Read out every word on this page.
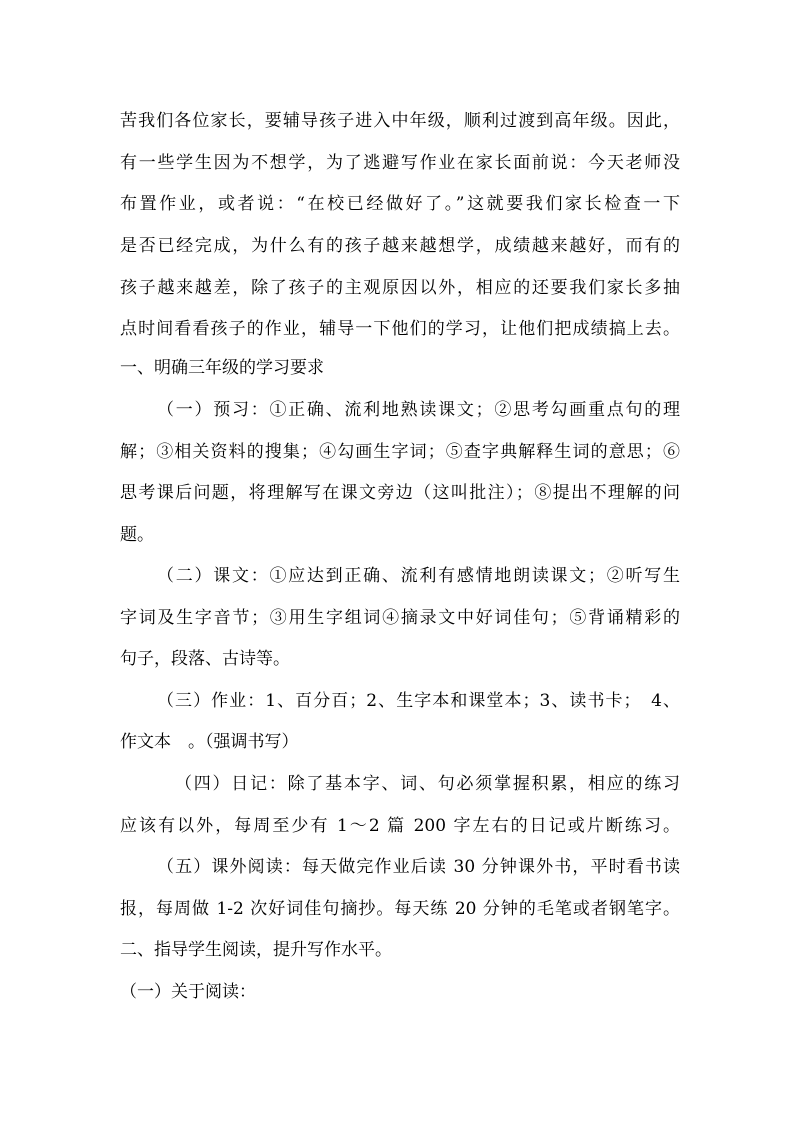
苦我们各位家长，要辅导孩子进入中年级，顺利过渡到高年级。因此，
有一些学生因为不想学，为了逃避写作业在家长面前说：今天老师没
布置作业，或者说：“在校已经做好了。”这就要我们家长检查一下
是否已经完成，为什么有的孩子越来越想学，成绩越来越好，而有的
孩子越来越差，除了孩子的主观原因以外，相应的还要我们家长多抽
点时间看看孩子的作业，辅导一下他们的学习，让他们把成绩搞上去。
一、明确三年级的学习要求
（一）预习：①正确、流利地熟读课文；②思考勾画重点句的理
解；③相关资料的搜集；④勾画生字词；⑤查字典解释生词的意思；⑥
思考课后问题，将理解写在课文旁边（这叫批注）；⑧提出不理解的问
题。
（二）课文：①应达到正确、流利有感情地朗读课文；②听写生
字词及生字音节；③用生字组词④摘录文中好词佳句；⑤背诵精彩的
句子，段落、古诗等。
（三）作业：1、百分百；2、生字本和课堂本；3、读书卡；　4、
作文本　。（强调书写）
（四）日记：除了基本字、词、句必须掌握积累，相应的练习
应该有以外，每周至少有 1～2 篇 200 字左右的日记或片断练习。
（五）课外阅读：每天做完作业后读 30 分钟课外书，平时看书读
报，每周做 1-2 次好词佳句摘抄。每天练 20 分钟的毛笔或者钢笔字。
二、指导学生阅读，提升写作水平。
（一）关于阅读：
